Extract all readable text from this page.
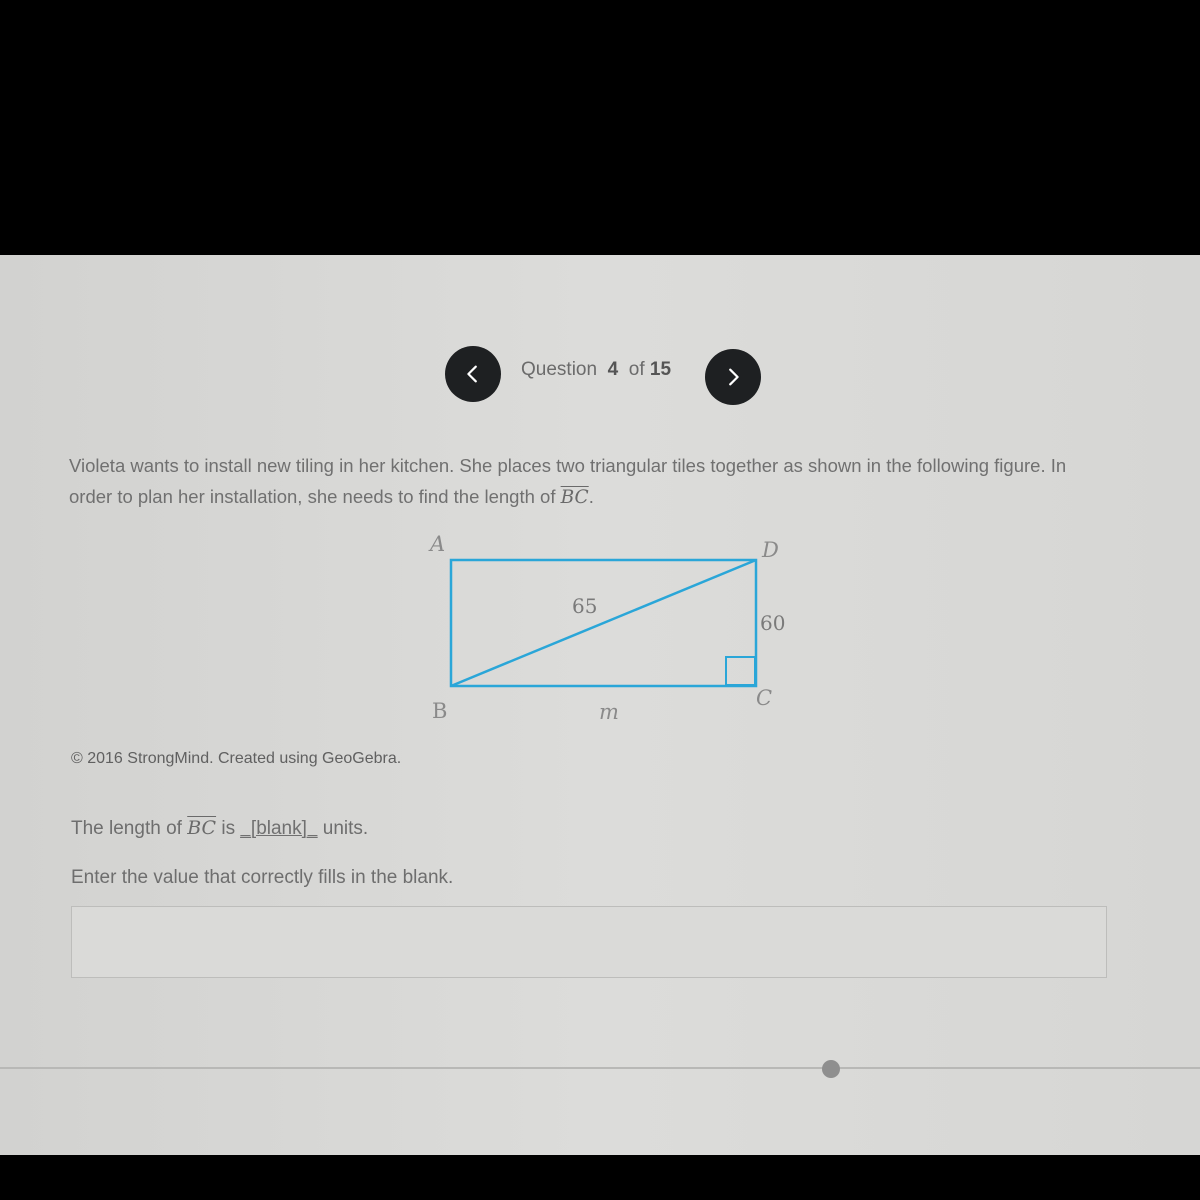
Question 4 of 15
Violeta wants to install new tiling in her kitchen. She places two triangular tiles together as shown in the following figure. In order to plan her installation, she needs to find the length of $\overline{BC}$.
A	D
B
C
65
60
m
© 2016 StrongMind. Created using GeoGebra.
The length of $\overline{BC}$ is _[blank]_ units.
Enter the value that correctly fills in the blank.
